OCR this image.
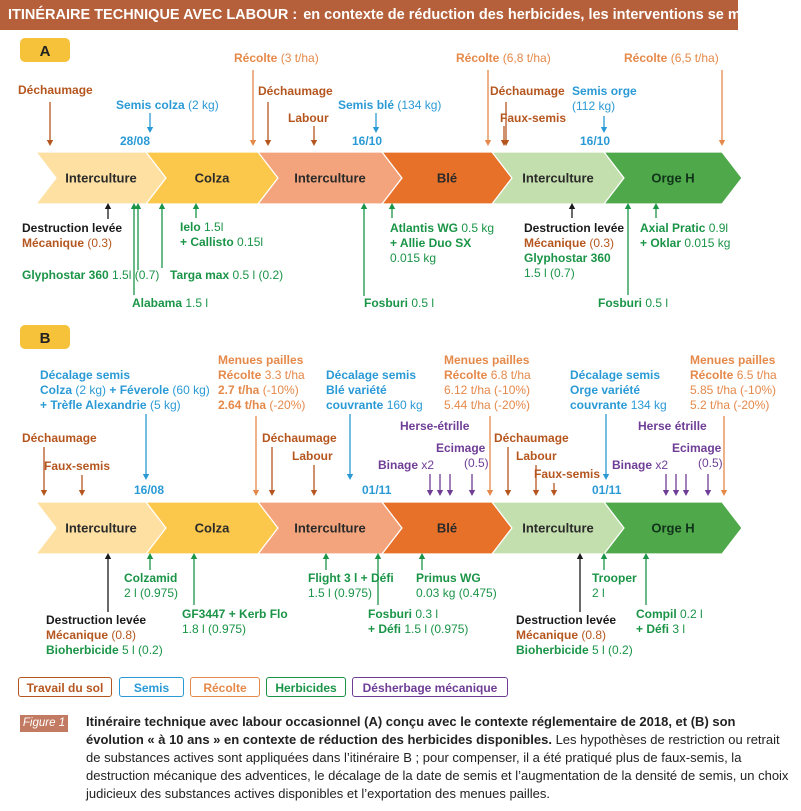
ITINÉRAIRE TECHNIQUE AVEC LABOUR : en contexte de réduction des herbicides, les interventions se multiplient
A
Interculture	Colza	Interculture	Blé	Interculture	Orge H
Déchaumage
Semis colza (2 kg)
28/08
Récolte (3 t/ha)
Déchaumage
Labour
Semis blé (134 kg)
16/10
Récolte (6,8 t/ha)
Déchaumage
Faux-semis
Semis orge
(112 kg)
16/10
Récolte (6,5 t/ha)
Destruction levée
Mécanique (0.3)
Ielo 1.5l
+ Callisto 0.15l
Glyphostar 360 1.5l (0.7) Targa max 0.5 l (0.2)
Alabama 1.5 l
Atlantis WG 0.5 kg
+ Allie Duo SX
0.015 kg
Fosburi 0.5 l
Destruction levée
Mécanique (0.3)
Glyphostar 360
1.5 l (0.7)
Axial Pratic 0.9l
+ Oklar 0.015 kg
Fosburi 0.5 l
B
Interculture	Colza	Interculture	Blé	Interculture	Orge H
Décalage semis
Colza (2 kg) + Féverole (60 kg)
+ Trèfle Alexandrie (5 kg)
Menues pailles
Récolte 3.3 t/ha
2.7 t/ha (-10%)
2.64 t/ha (-20%)
Décalage semis
Blé variété
couvrante 160 kg
Menues pailles
Récolte 6.8 t/ha
6.12 t/ha (-10%)
5.44 t/ha (-20%)
Décalage semis
Orge variété
couvrante 134 kg
Menues pailles
Récolte 6.5 t/ha
5.85 t/ha (-10%)
5.2 t/ha (-20%)
Déchaumage
Faux-semis
16/08
Déchaumage
Labour
Herse-étrille
Ecimage
(0.5)
Binage x2
01/11
Déchaumage
Labour
Faux-semis
Herse étrille
Ecimage
(0.5)
Binage x2
01/11
Colzamid
2 l (0.975)
Destruction levée
Mécanique (0.8)
Bioherbicide 5 l (0.2)
GF3447 + Kerb Flo
1.8 l (0.975)
Flight 3 l + Défi
1.5 l (0.975)
Primus WG
0.03 kg (0.475)
Fosburi 0.3 l
+ Défi 1.5 l (0.975)
Trooper
2 l
Destruction levée
Mécanique (0.8)
Bioherbicide 5 l (0.2)
Compil 0.2 l
+ Défi 3 l
Travail du sol	Semis	Récolte	Herbicides	Désherbage mécanique
Figure 1 Itinéraire technique avec labour occasionnel (A) conçu avec le contexte réglementaire de 2018, et (B) son évolution « à 10 ans » en contexte de réduction des herbicides disponibles. Les hypothèses de restriction ou retrait de substances actives sont appliquées dans l’itinéraire B ; pour compenser, il a été pratiqué plus de faux-semis, la destruction mécanique des adventices, le décalage de la date de semis et l’augmentation de la densité de semis, un choix judicieux des substances actives disponibles et l’exportation des menues pailles.
